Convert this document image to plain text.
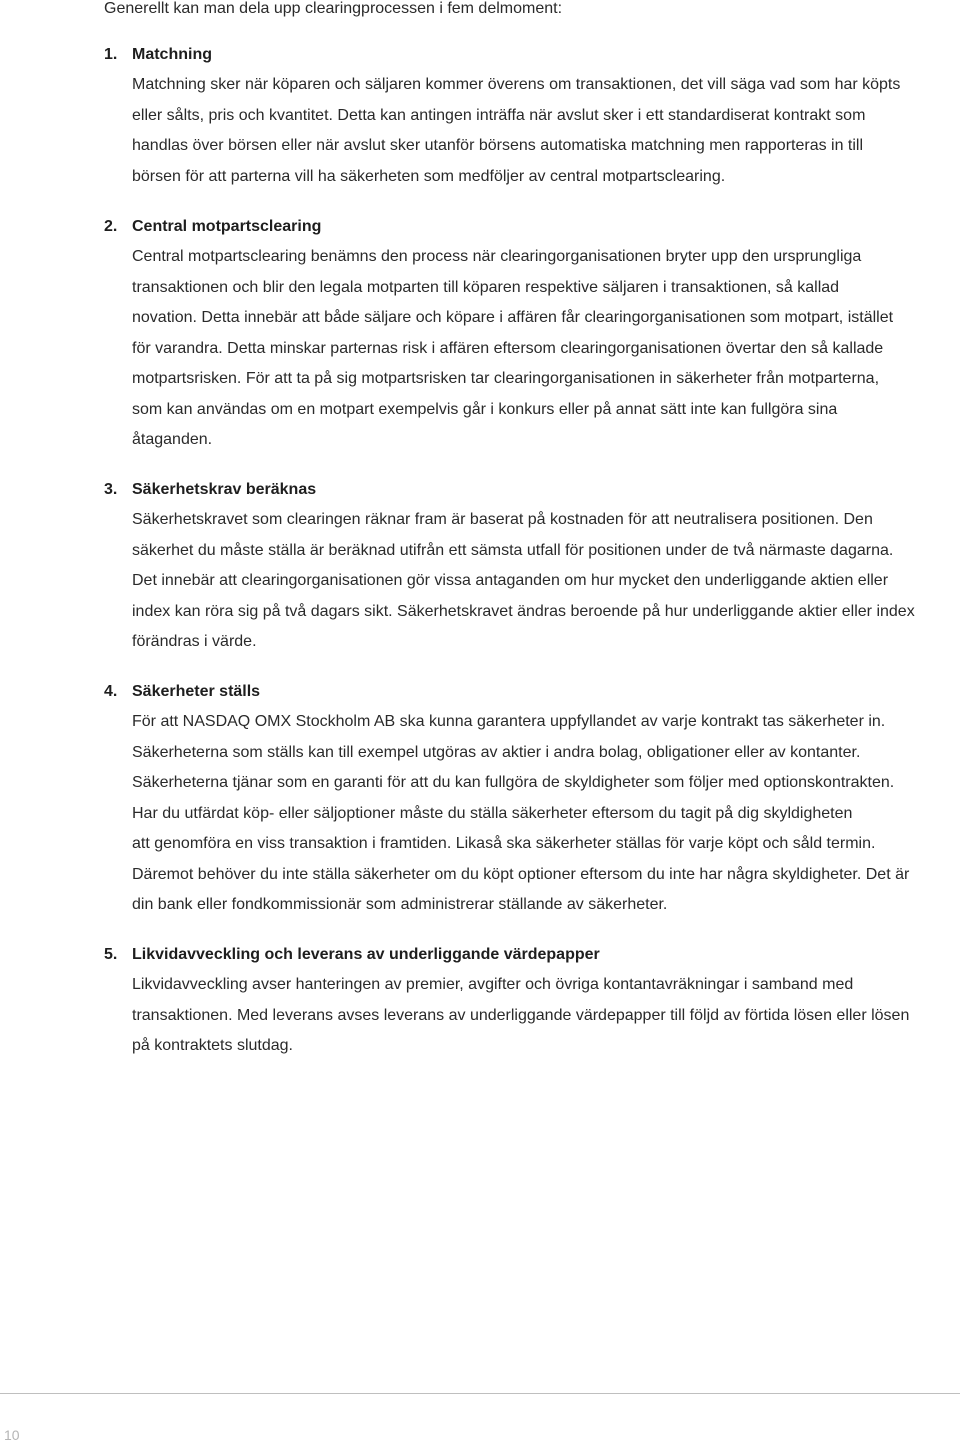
Generellt kan man dela upp clearingprocessen i fem delmoment:
1. Matchning
Matchning sker när köparen och säljaren kommer överens om transaktionen, det vill säga vad som har köpts
eller sålts, pris och kvantitet. Detta kan antingen inträffa när avslut sker i ett standardiserat kontrakt som
handlas över börsen eller när avslut sker utanför börsens automatiska matchning men rapporteras in till
börsen för att parterna vill ha säkerheten som medföljer av central motpartsclearing.
2. Central motpartsclearing
Central motpartsclearing benämns den process när clearingorganisationen bryter upp den ursprungliga
transaktionen och blir den legala motparten till köparen respektive säljaren i transaktionen, så kallad
novation. Detta innebär att både säljare och köpare i affären får clearingorganisationen som motpart, istället
för varandra. Detta minskar parternas risk i affären eftersom clearingorganisationen övertar den så kallade
motpartsrisken. För att ta på sig motpartsrisken tar clearingorganisationen in säkerheter från motparterna,
som kan användas om en motpart exempelvis går i konkurs eller på annat sätt inte kan fullgöra sina
åtaganden.
3. Säkerhetskrav beräknas
Säkerhetskravet som clearingen räknar fram är baserat på kostnaden för att neutralisera positionen. Den
säkerhet du måste ställa är beräknad utifrån ett sämsta utfall för positionen under de två närmaste dagarna.
Det innebär att clearingorganisationen gör vissa antaganden om hur mycket den underliggande aktien eller
index kan röra sig på två dagars sikt. Säkerhetskravet ändras beroende på hur underliggande aktier eller index
förändras i värde.
4. Säkerheter ställs
För att NASDAQ OMX Stockholm AB ska kunna garantera uppfyllandet av varje kontrakt tas säkerheter in.
Säkerheterna som ställs kan till exempel utgöras av aktier i andra bolag, obligationer eller av kontanter.
Säkerheterna tjänar som en garanti för att du kan fullgöra de skyldigheter som följer med optionskontrakten.
Har du utfärdat köp- eller säljoptioner måste du ställa säkerheter eftersom du tagit på dig skyldigheten
att genomföra en viss transaktion i framtiden. Likaså ska säkerheter ställas för varje köpt och såld termin.
Däremot behöver du inte ställa säkerheter om du köpt optioner eftersom du inte har några skyldigheter. Det är
din bank eller fondkommissionär som administrerar ställande av säkerheter.
5. Likvidavveckling och leverans av underliggande värdepapper
Likvidavveckling avser hanteringen av premier, avgifter och övriga kontantavräkningar i samband med
transaktionen. Med leverans avses leverans av underliggande värdepapper till följd av förtida lösen eller lösen
på kontraktets slutdag.
10
